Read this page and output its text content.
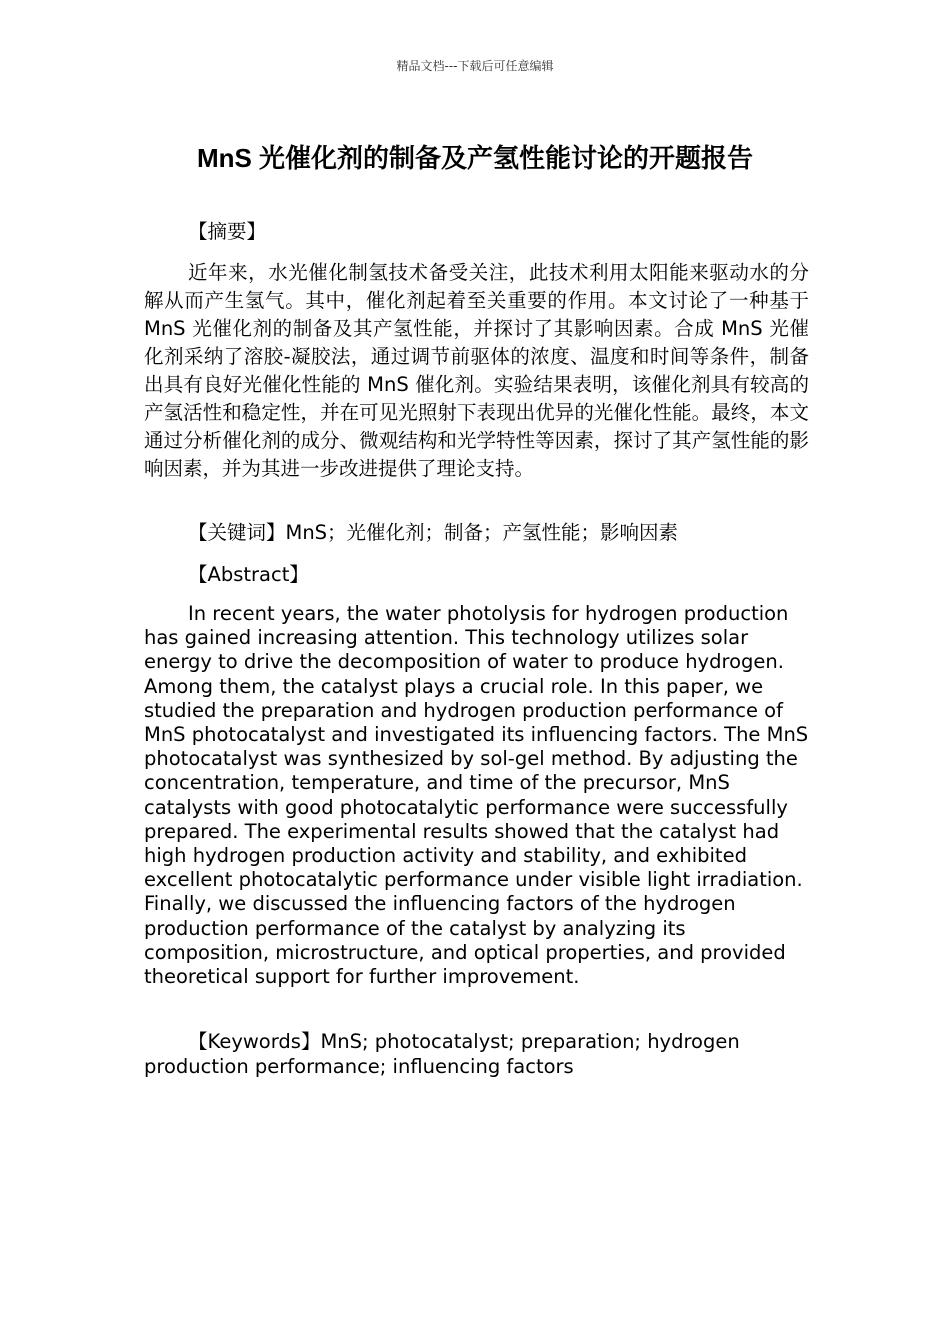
精品文档---下载后可任意编辑
MnS 光催化剂的制备及产氢性能讨论的开题报告
【摘要】

近年来，水光催化制氢技术备受关注，此技术利用太阳能来驱动水的分解从而产生氢气。其中，催化剂起着至关重要的作用。本文讨论了一种基于 MnS 光催化剂的制备及其产氢性能，并探讨了其影响因素。合成 MnS 光催化剂采纳了溶胶-凝胶法，通过调节前驱体的浓度、温度和时间等条件，制备出具有良好光催化性能的 MnS 催化剂。实验结果表明，该催化剂具有较高的产氢活性和稳定性，并在可见光照射下表现出优异的光催化性能。最终，本文通过分析催化剂的成分、微观结构和光学特性等因素，探讨了其产氢性能的影响因素，并为其进一步改进提供了理论支持。

【关键词】MnS；光催化剂；制备；产氢性能；影响因素

【Abstract】

In recent years, the water photolysis for hydrogen production has gained increasing attention. This technology utilizes solar energy to drive the decomposition of water to produce hydrogen. Among them, the catalyst plays a crucial role. In this paper, we studied the preparation and hydrogen production performance of MnS photocatalyst and investigated its influencing factors. The MnS photocatalyst was synthesized by sol-gel method. By adjusting the concentration, temperature, and time of the precursor, MnS catalysts with good photocatalytic performance were successfully prepared. The experimental results showed that the catalyst had high hydrogen production activity and stability, and exhibited excellent photocatalytic performance under visible light irradiation. Finally, we discussed the influencing factors of the hydrogen production performance of the catalyst by analyzing its composition, microstructure, and optical properties, and provided theoretical support for further improvement.

【Keywords】MnS; photocatalyst; preparation; hydrogen production performance; influencing factors
